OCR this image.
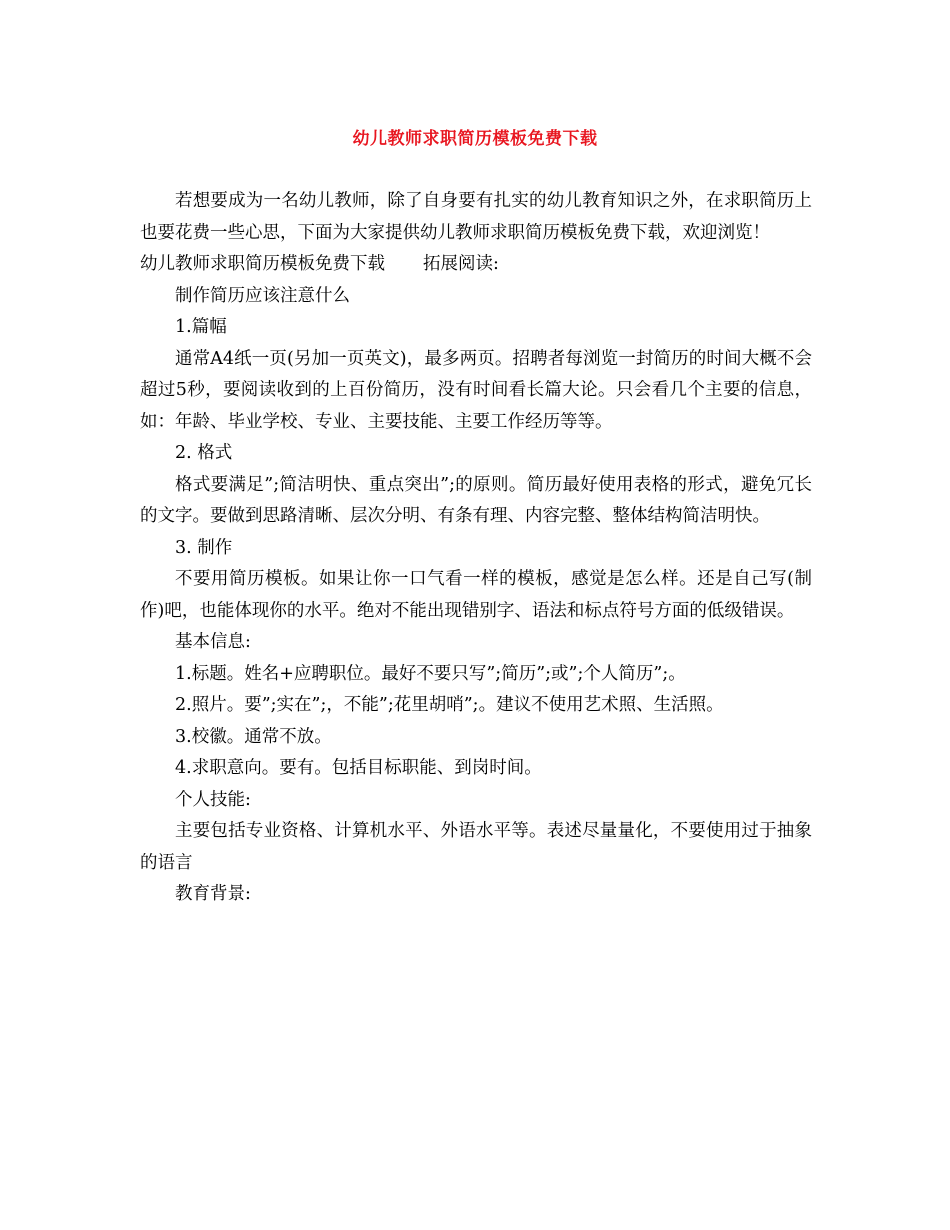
幼儿教师求职简历模板免费下载

若想要成为一名幼儿教师，除了自身要有扎实的幼儿教育知识之外，在求职简历上也要花费一些心思，下面为大家提供幼儿教师求职简历模板免费下载，欢迎浏览！

幼儿教师求职简历模板免费下载 拓展阅读:

制作简历应该注意什么

1.篇幅

通常A4纸一页(另加一页英文)，最多两页。招聘者每浏览一封简历的时间大概不会超过5秒，要阅读收到的上百份简历，没有时间看长篇大论。只会看几个主要的信息，如：年龄、毕业学校、专业、主要技能、主要工作经历等等。

2. 格式

格式要满足”;简洁明快、重点突出”;的原则。简历最好使用表格的形式，避免冗长的文字。要做到思路清晰、层次分明、有条有理、内容完整、整体结构简洁明快。

3. 制作

不要用简历模板。如果让你一口气看一样的模板，感觉是怎么样。还是自己写(制作)吧，也能体现你的水平。绝对不能出现错别字、语法和标点符号方面的低级错误。

基本信息:

1.标题。姓名+应聘职位。最好不要只写”;简历”;或”;个人简历”;。

2.照片。要”;实在”;，不能”;花里胡哨”;。建议不使用艺术照、生活照。

3.校徽。通常不放。

4.求职意向。要有。包括目标职能、到岗时间。

个人技能:

主要包括专业资格、计算机水平、外语水平等。表述尽量量化，不要使用过于抽象的语言

教育背景:
